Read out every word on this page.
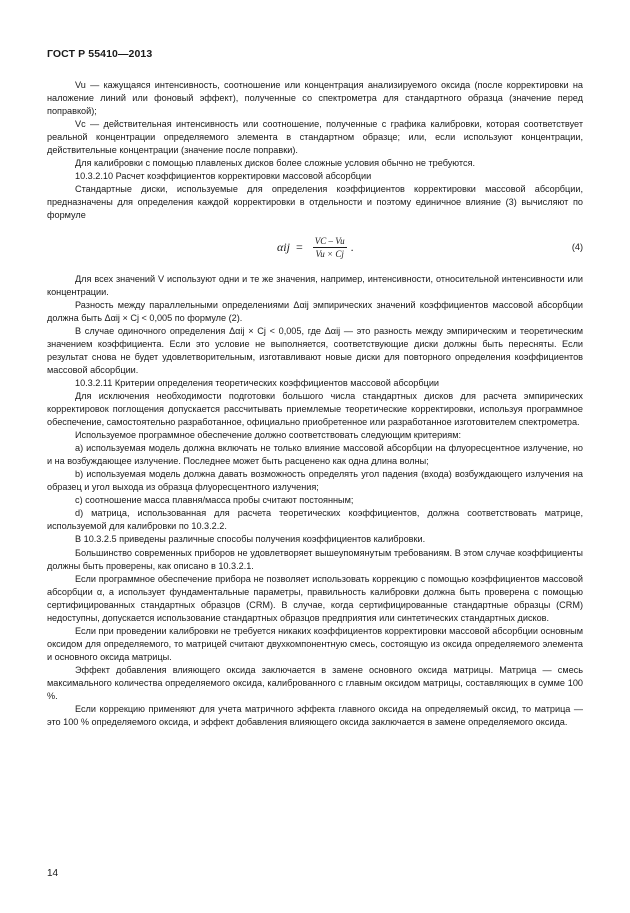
ГОСТ Р 55410—2013

Vu — кажущаяся интенсивность, соотношение или концентрация анализируемого оксида (после корректировки на наложение линий или фоновый эффект), полученные со спектрометра для стандартного образца (значение перед поправкой);

Vc — действительная интенсивность или соотношение, полученные с графика калибровки, которая соответствует реальной концентрации определяемого элемента в стандартном образце; или, если используют концентрации, действительные концентрации (значение после поправки).

Для калибровки с помощью плавленых дисков более сложные условия обычно не требуются.

10.3.2.10 Расчет коэффициентов корректировки массовой абсорбции

Стандартные диски, используемые для определения коэффициентов корректировки массовой абсорбции, предназначены для определения каждой корректировки в отдельности и поэтому единичное влияние (3) вычисляют по формуле

$\alpha ij = \frac{VC - Vu}{Vu \times Cj}$ .	(4)

Для всех значений V используют одни и те же значения, например, интенсивности, относительной интенсивности или концентрации.

Разность между параллельными определениями Δαij эмпирических значений коэффициентов массовой абсорбции должна быть Δαij × Cj < 0,005 по формуле (2).

В случае одиночного определения Δαij × Cj < 0,005, где Δαij — это разность между эмпирическим и теоретическим значением коэффициента. Если это условие не выполняется, соответствующие диски должны быть пересняты. Если результат снова не будет удовлетворительным, изготавливают новые диски для повторного определения коэффициентов массовой абсорбции.

10.3.2.11 Критерии определения теоретических коэффициентов массовой абсорбции

Для исключения необходимости подготовки большого числа стандартных дисков для расчета эмпирических корректировок поглощения допускается рассчитывать приемлемые теоретические корректировки, используя программное обеспечение, самостоятельно разработанное, официально приобретенное или разработанное изготовителем спектрометра.

Используемое программное обеспечение должно соответствовать следующим критериям:

а) используемая модель должна включать не только влияние массовой абсорбции на флуоресцентное излучение, но и на возбуждающее излучение. Последнее может быть расценено как одна длина волны;

b) используемая модель должна давать возможность определять угол падения (входа) возбуждающего излучения на образец и угол выхода из образца флуоресцентного излучения;

c) соотношение масса плавня/масса пробы считают постоянным;

d) матрица, использованная для расчета теоретических коэффициентов, должна соответствовать матрице, используемой для калибровки по 10.3.2.2.

В 10.3.2.5 приведены различные способы получения коэффициентов калибровки.

Большинство современных приборов не удовлетворяет вышеупомянутым требованиям. В этом случае коэффициенты должны быть проверены, как описано в 10.3.2.1.

Если программное обеспечение прибора не позволяет использовать коррекцию с помощью коэффициентов массовой абсорбции α, а использует фундаментальные параметры, правильность калибровки должна быть проверена с помощью сертифицированных стандартных образцов (CRM). В случае, когда сертифицированные стандартные образцы (CRM) недоступны, допускается использование стандартных образцов предприятия или синтетических стандартных дисков.

Если при проведении калибровки не требуется никаких коэффициентов корректировки массовой абсорбции основным оксидом для определяемого, то матрицей считают двухкомпонентную смесь, состоящую из оксида определяемого элемента и основного оксида матрицы.

Эффект добавления влияющего оксида заключается в замене основного оксида матрицы. Матрица — смесь максимального количества определяемого оксида, калиброванного с главным оксидом матрицы, составляющих в сумме 100 %.

Если коррекцию применяют для учета матричного эффекта главного оксида на определяемый оксид, то матрица — это 100 % определяемого оксида, и эффект добавления влияющего оксида заключается в замене определяемого оксида.

14
